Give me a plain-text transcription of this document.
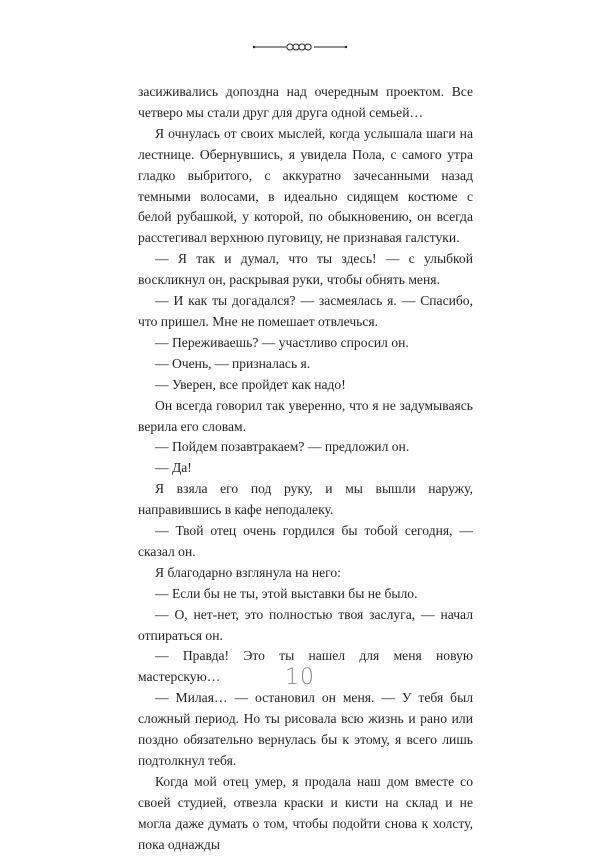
засиживались допоздна над очередным проектом. Все четверо мы стали друг для друга одной семьей…

Я очнулась от своих мыслей, когда услышала шаги на лестнице. Обернувшись, я увидела Пола, с самого утра гладко выбритого, с аккуратно зачесанными назад темными волосами, в идеально сидящем костюме с белой рубашкой, у которой, по обыкновению, он всегда расстегивал верхнюю пуговицу, не признавая галстуки.

— Я так и думал, что ты здесь! — с улыбкой воскликнул он, раскрывая руки, чтобы обнять меня.

— И как ты догадался? — засмеялась я. — Спасибо, что пришел. Мне не помешает отвлечься.

— Переживаешь? — участливо спросил он.

— Очень, — призналась я.

— Уверен, все пройдет как надо!

Он всегда говорил так уверенно, что я не задумываясь верила его словам.

— Пойдем позавтракаем? — предложил он.

— Да!

Я взяла его под руку, и мы вышли наружу, направившись в кафе неподалеку.

— Твой отец очень гордился бы тобой сегодня, — сказал он.

Я благодарно взглянула на него:

— Если бы не ты, этой выставки бы не было.

— О, нет-нет, это полностью твоя заслуга, — начал отпираться он.

— Правда! Это ты нашел для меня новую мастерскую…

— Милая… — остановил он меня. — У тебя был сложный период. Но ты рисовала всю жизнь и рано или поздно обязательно вернулась бы к этому, я всего лишь подтолкнул тебя.

Когда мой отец умер, я продала наш дом вместе со своей студией, отвезла краски и кисти на склад и не могла даже думать о том, чтобы подойти снова к холсту, пока однажды

10
